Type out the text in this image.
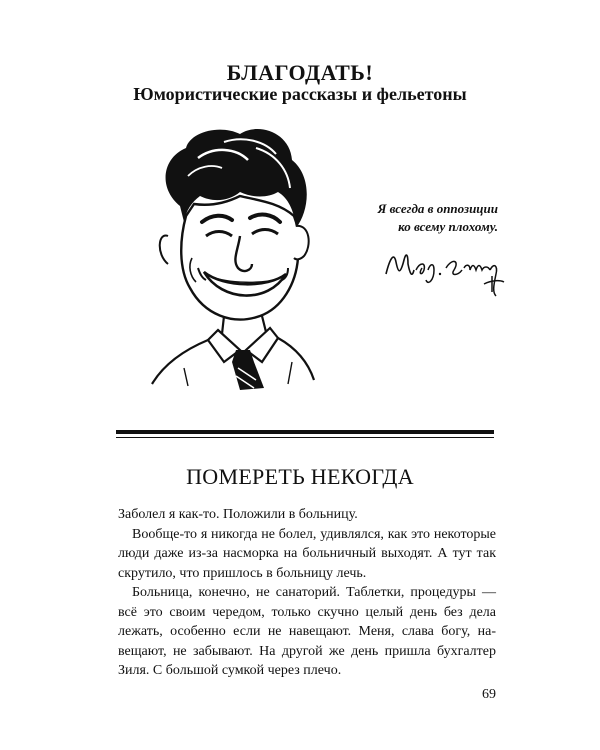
БЛАГОДАТЬ!
Юмористические рассказы и фельетоны
Я всегда в оппозиции
ко всему плохому.
ПОМЕРЕТЬ НЕКОГДА

Заболел я как-то. Положили в больницу.

Вообще-то я никогда не болел, удивлялся, как это некоторые люди даже из-за насморка на больничный выходят. А тут так скрутило, что пришлось в больницу лечь.

Больница, конечно, не санаторий. Таблетки, процедуры — всё это своим чередом, только скучно целый день без дела лежать, особенно если не навещают. Меня, слава богу, навещают, не забывают. На другой же день пришла бухгалтер Зиля. С большой сумкой через плечо.

69
